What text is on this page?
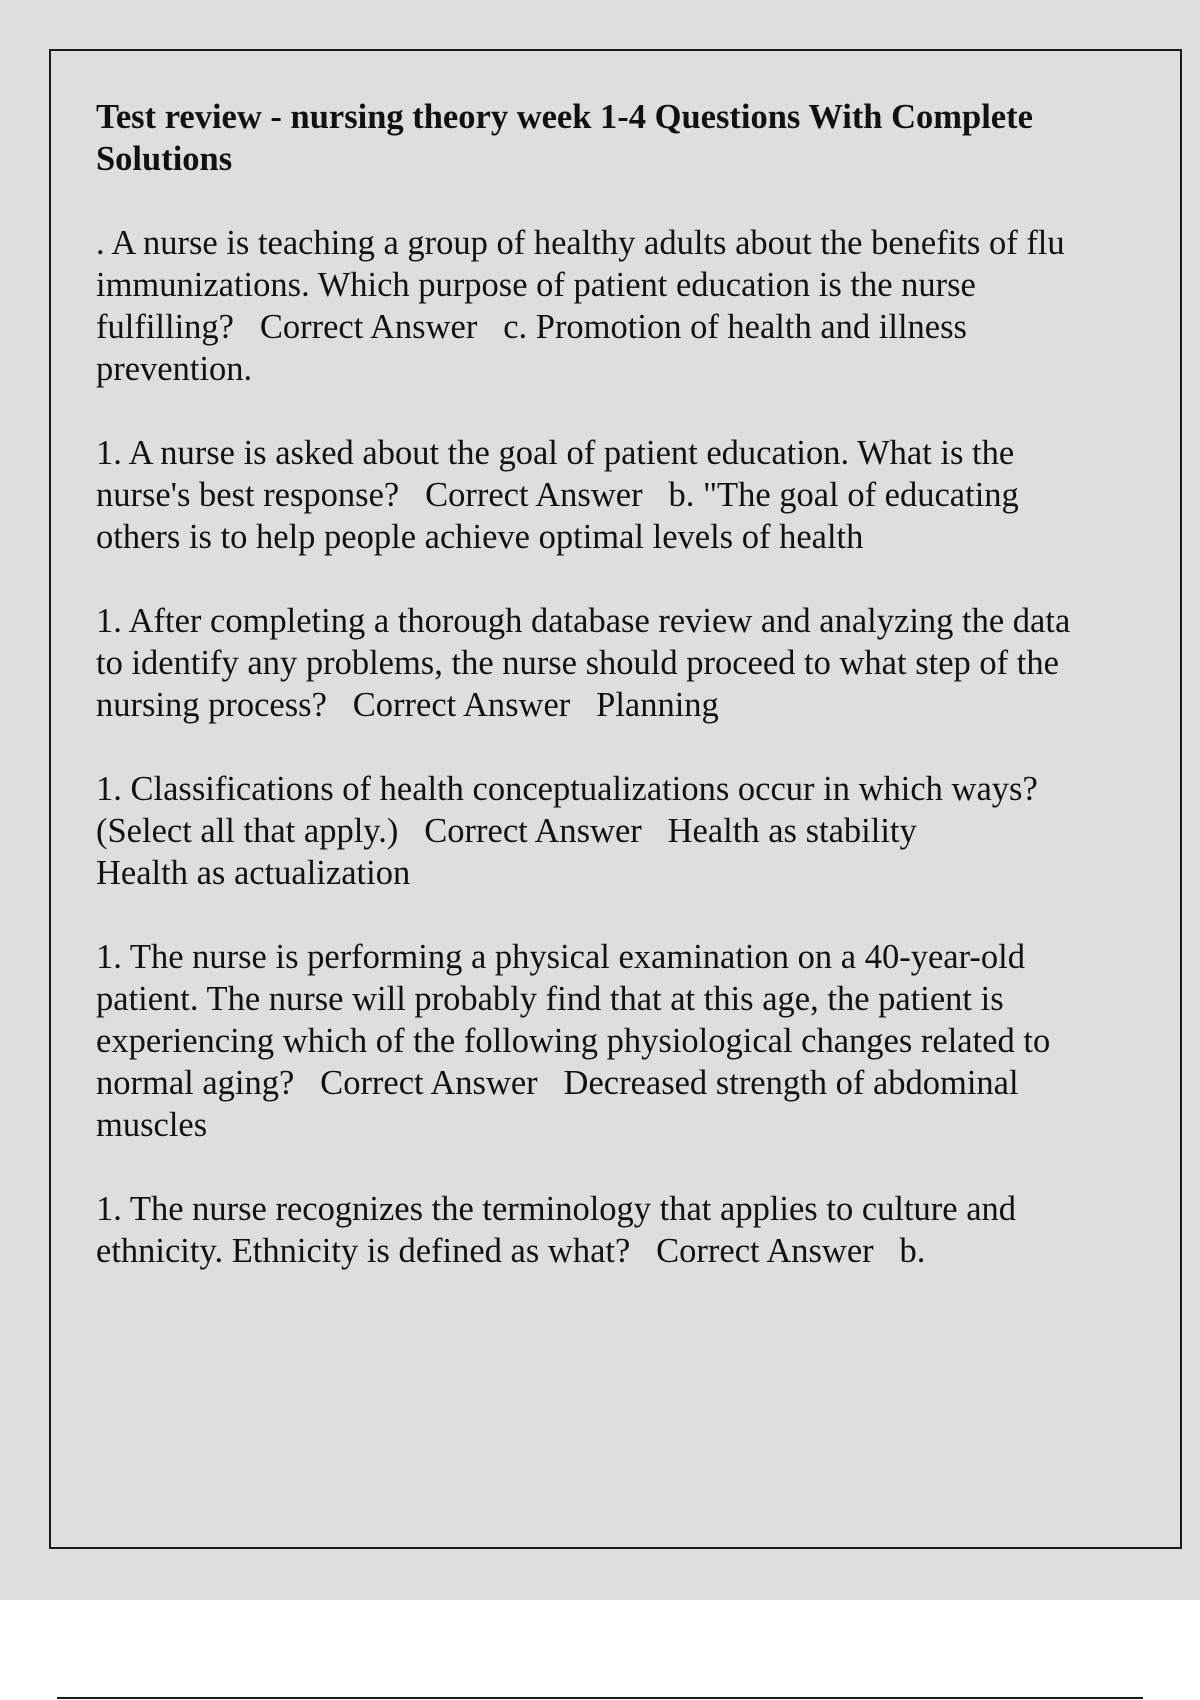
Test review - nursing theory week 1-4 Questions With Complete Solutions

. A nurse is teaching a group of healthy adults about the benefits of flu immunizations. Which purpose of patient education is the nurse fulfilling?   Correct Answer   c. Promotion of health and illness prevention.

1. A nurse is asked about the goal of patient education. What is the nurse's best response?   Correct Answer   b. "The goal of educating others is to help people achieve optimal levels of health

1. After completing a thorough database review and analyzing the data to identify any problems, the nurse should proceed to what step of the nursing process?   Correct Answer   Planning

1. Classifications of health conceptualizations occur in which ways? (Select all that apply.)   Correct Answer   Health as stability
Health as actualization

1. The nurse is performing a physical examination on a 40-year-old patient. The nurse will probably find that at this age, the patient is experiencing which of the following physiological changes related to normal aging?   Correct Answer   Decreased strength of abdominal muscles

1. The nurse recognizes the terminology that applies to culture and ethnicity. Ethnicity is defined as what?   Correct Answer   b.
